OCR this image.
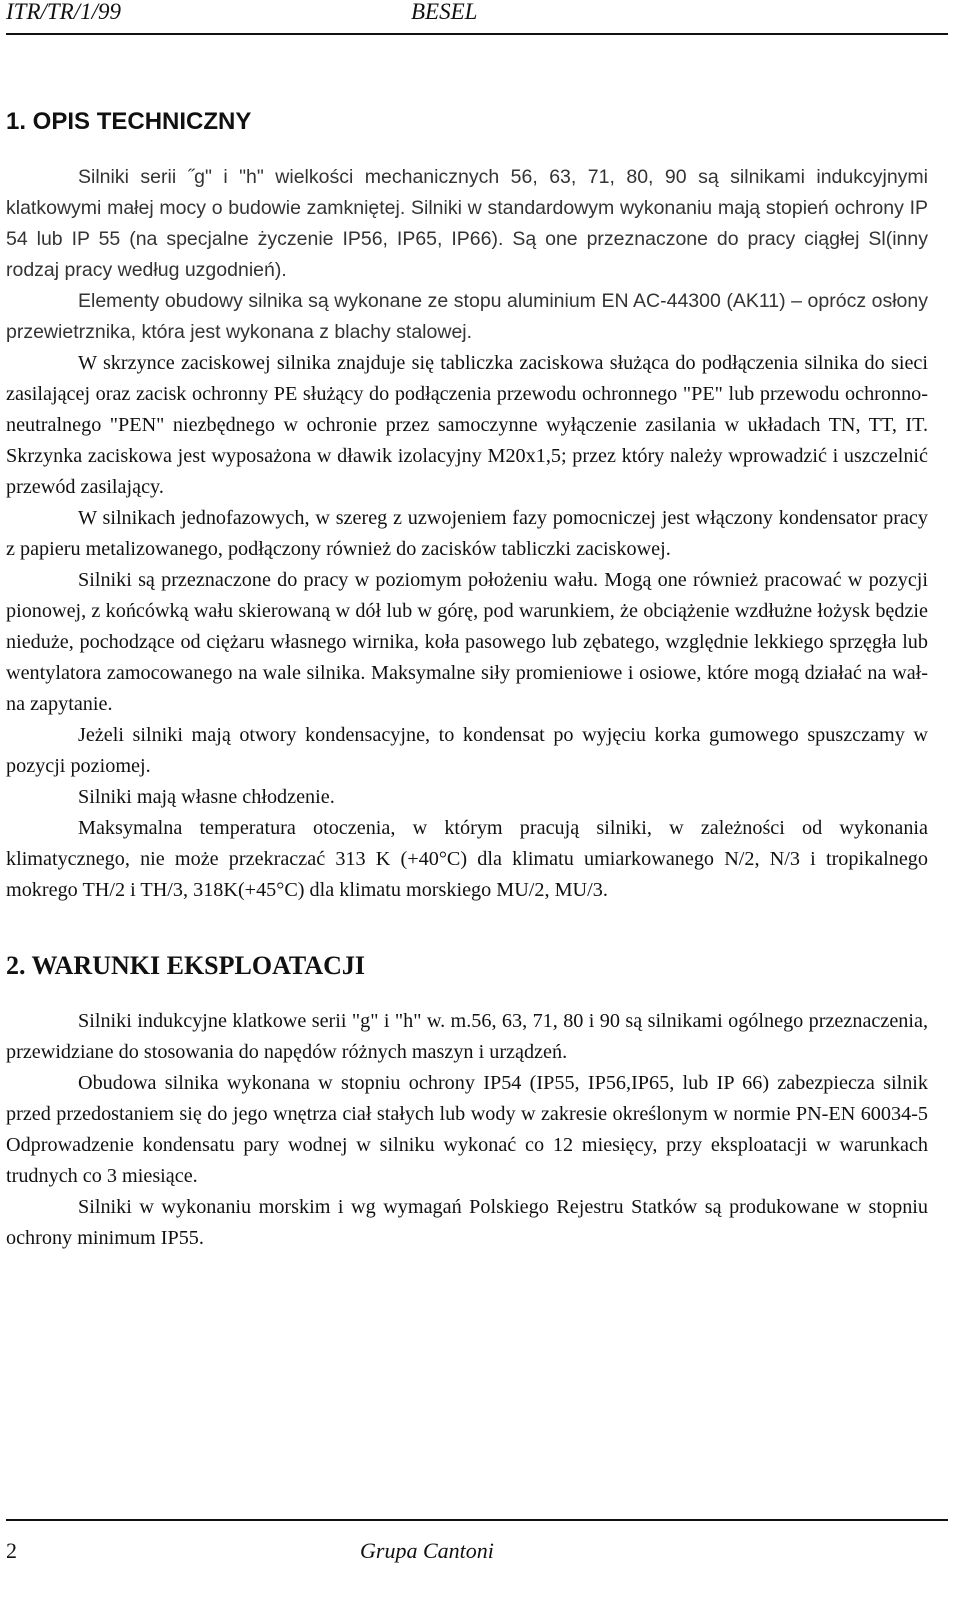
ITR/TR/1/99	BESEL
1. OPIS TECHNICZNY

Silniki serii ˝g" i "h" wielkości mechanicznych 56, 63, 71, 80, 90 są silnikami indukcyjnymi klatkowymi małej mocy o budowie zamkniętej. Silniki w standardowym wykonaniu mają stopień ochrony IP 54 lub IP 55 (na specjalne życzenie IP56, IP65, IP66). Są one przeznaczone do pracy ciągłej Sl(inny rodzaj pracy według uzgodnień).

Elementy obudowy silnika są wykonane ze stopu aluminium EN AC-44300 (AK11) – oprócz osłony przewietrznika, która jest wykonana z blachy stalowej.

W skrzynce zaciskowej silnika znajduje się tabliczka zaciskowa służąca do podłączenia silnika do sieci zasilającej oraz zacisk ochronny PE służący do podłączenia przewodu ochronnego "PE" lub przewodu ochronno-neutralnego "PEN" niezbędnego w ochronie przez samoczynne wyłączenie zasilania w układach TN, TT, IT. Skrzynka zaciskowa jest wyposażona w dławik izolacyjny M20x1,5; przez który należy wprowadzić i uszczelnić przewód zasilający.

W silnikach jednofazowych, w szereg z uzwojeniem fazy pomocniczej jest włączony kondensator pracy z papieru metalizowanego, podłączony również do zacisków tabliczki zaciskowej.

Silniki są przeznaczone do pracy w poziomym położeniu wału. Mogą one również pracować w pozycji pionowej, z końcówką wału skierowaną w dół lub w górę, pod warunkiem, że obciążenie wzdłużne łożysk będzie nieduże, pochodzące od ciężaru własnego wirnika, koła pasowego lub zębatego, względnie lekkiego sprzęgła lub wentylatora zamocowanego na wale silnika. Maksymalne siły promieniowe i osiowe, które mogą działać na wał- na zapytanie.

Jeżeli silniki mają otwory kondensacyjne, to kondensat po wyjęciu korka gumowego spuszczamy w pozycji poziomej.

Silniki mają własne chłodzenie.

Maksymalna temperatura otoczenia, w którym pracują silniki, w zależności od wykonania klimatycznego, nie może przekraczać 313 K (+40°C) dla klimatu umiarkowanego N/2, N/3 i tropikalnego mokrego TH/2 i TH/3, 318K(+45°C) dla klimatu morskiego MU/2, MU/3.

2. WARUNKI EKSPLOATACJI

Silniki indukcyjne klatkowe serii "g" i "h" w. m.56, 63, 71, 80 i 90 są silnikami ogólnego przeznaczenia, przewidziane do stosowania do napędów różnych maszyn i urządzeń.

Obudowa silnika wykonana w stopniu ochrony IP54 (IP55, IP56,IP65, lub IP 66) zabezpiecza silnik przed przedostaniem się do jego wnętrza ciał stałych lub wody w zakresie określonym w normie PN-EN 60034-5 Odprowadzenie kondensatu pary wodnej w silniku wykonać co 12 miesięcy, przy eksploatacji w warunkach trudnych co 3 miesiące.

Silniki w wykonaniu morskim i wg wymagań Polskiego Rejestru Statków są produkowane w stopniu ochrony minimum IP55.

2	Grupa Cantoni
